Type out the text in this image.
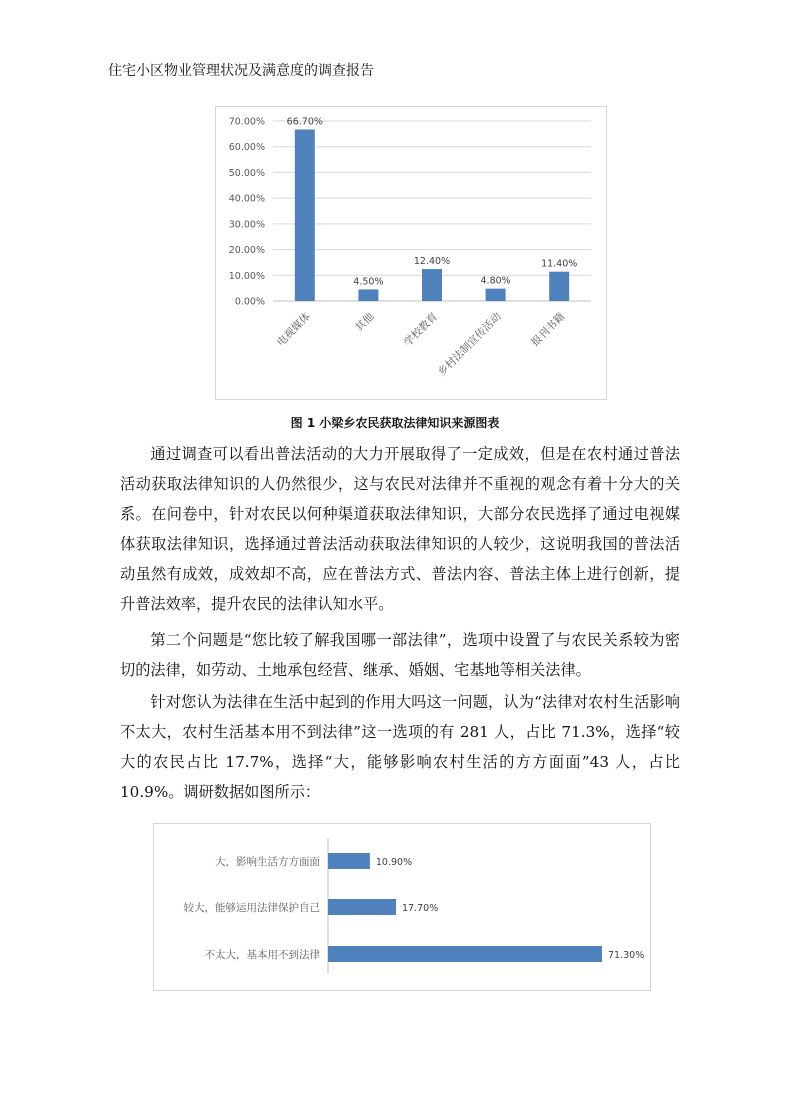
住宅小区物业管理状况及满意度的调查报告
0.00%
10.00%
20.00%
30.00%
40.00%
50.00%
60.00%
70.00% 66.70%
电视媒体
4.50%
其他
12.40%
学校教育
4.80%
乡村法制宣传活动
11.40%
报刊书籍
图 1 小梁乡农民获取法律知识来源图表

通过调查可以看出普法活动的大力开展取得了一定成效，但是在农村通过普法活动获取法律知识的人仍然很少，这与农民对法律并不重视的观念有着十分大的关系。在问卷中，针对农民以何种渠道获取法律知识，大部分农民选择了通过电视媒体获取法律知识，选择通过普法活动获取法律知识的人较少，这说明我国的普法活动虽然有成效，成效却不高，应在普法方式、普法内容、普法主体上进行创新，提升普法效率，提升农民的法律认知水平。

第二个问题是“您比较了解我国哪一部法律”，选项中设置了与农民关系较为密切的法律，如劳动、土地承包经营、继承、婚姻、宅基地等相关法律。

针对您认为法律在生活中起到的作用大吗这一问题，认为“法律对农村生活影响不太大，农村生活基本用不到法律”这一选项的有 281 人，占比 71.3%，选择“较大的农民占比 17.7%，选择“大，能够影响农村生活的方方面面”43 人，占比 10.9%。调研数据如图所示：

大，影响生活方方面面	10.90%
较大，能够运用法律保护自己	17.70%
不太大，基本用不到法律	71.30%
